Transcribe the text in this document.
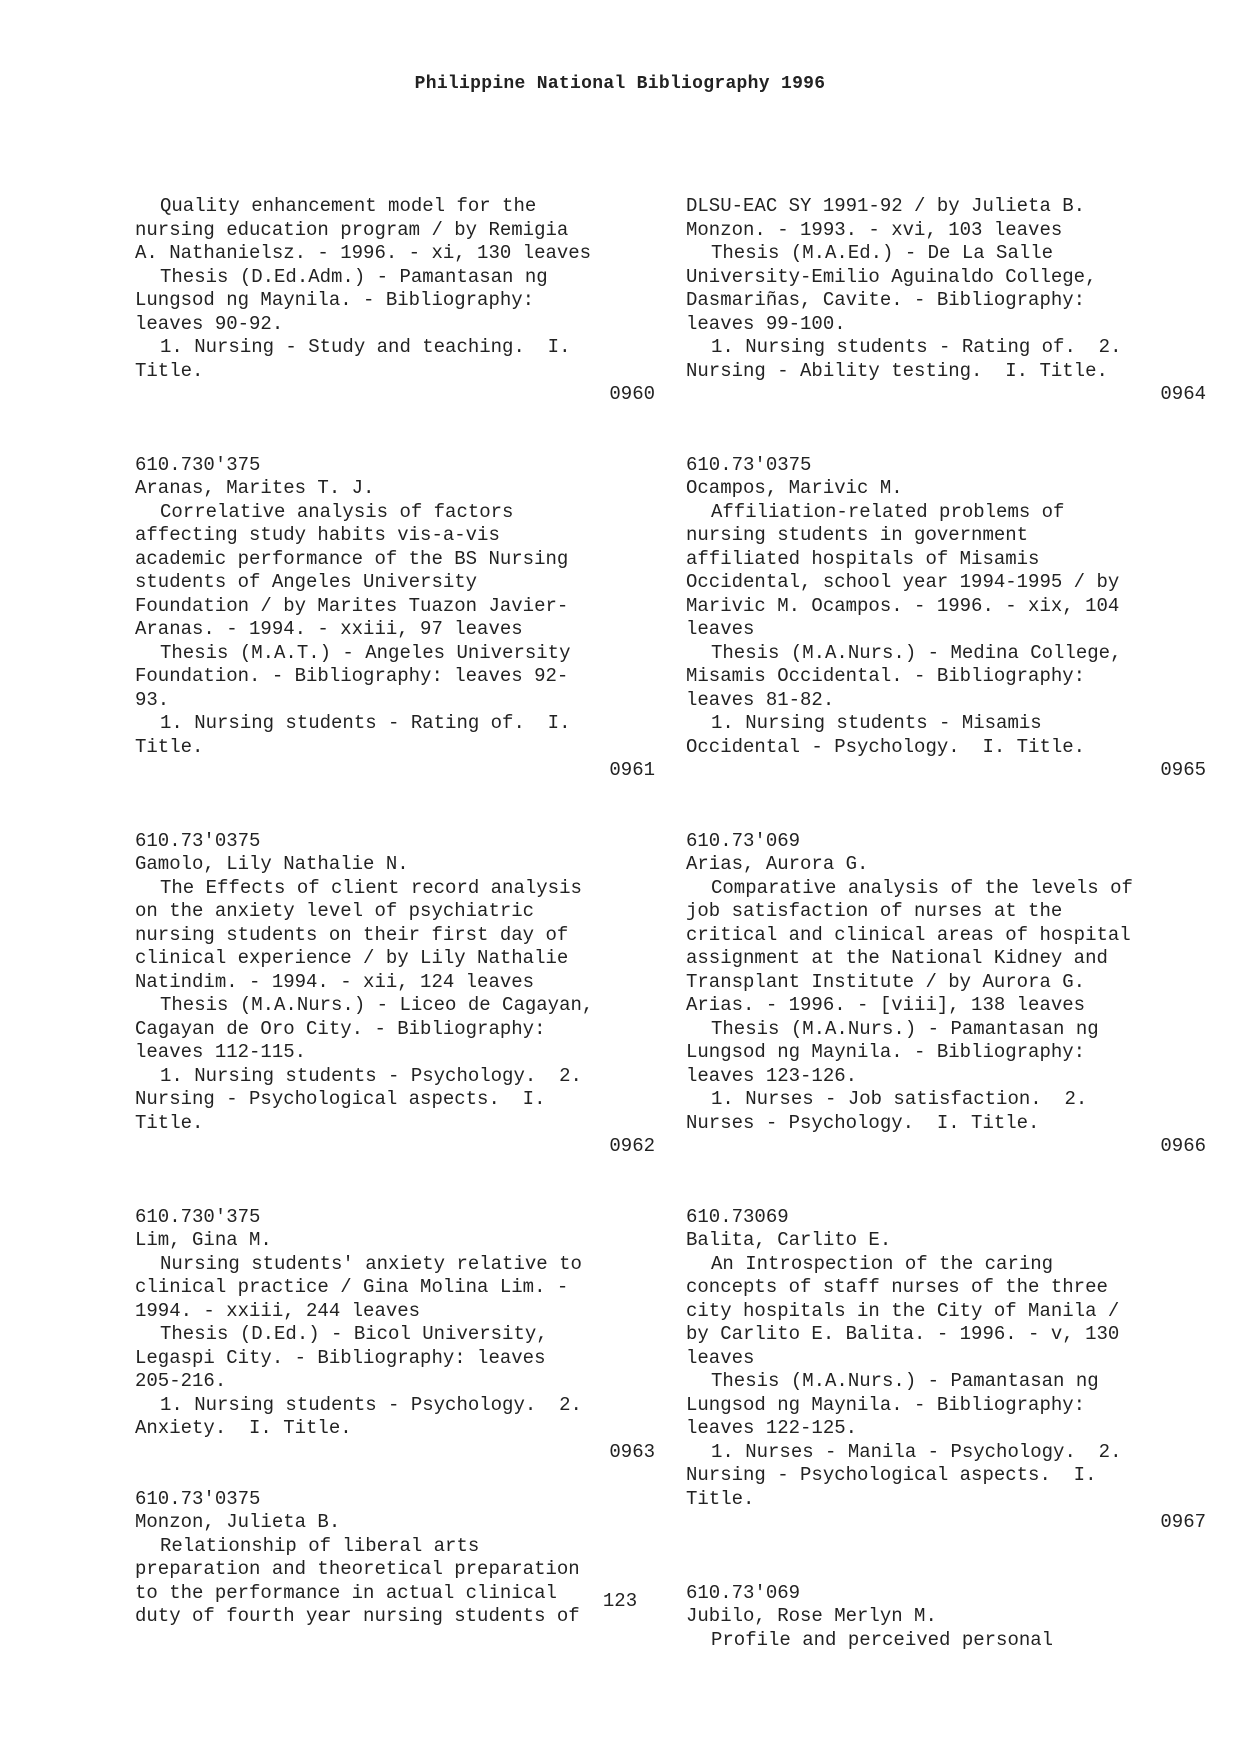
Philippine National Bibliography 1996

Quality enhancement model for the

nursing education program / by Remigia

A. Nathanielsz. - 1996. - xi, 130 leaves

Thesis (D.Ed.Adm.) - Pamantasan ng

Lungsod ng Maynila. - Bibliography:

leaves 90-92.

1. Nursing - Study and teaching.  I.

Title.

0960

610.730'375

Aranas, Marites T. J.

Correlative analysis of factors

affecting study habits vis-a-vis

academic performance of the BS Nursing

students of Angeles University

Foundation / by Marites Tuazon Javier-

Aranas. - 1994. - xxiii, 97 leaves

Thesis (M.A.T.) - Angeles University

Foundation. - Bibliography: leaves 92-

93.

1. Nursing students - Rating of.  I.

Title.

0961

610.73'0375

Gamolo, Lily Nathalie N.

The Effects of client record analysis

on the anxiety level of psychiatric

nursing students on their first day of

clinical experience / by Lily Nathalie

Natindim. - 1994. - xii, 124 leaves

Thesis (M.A.Nurs.) - Liceo de Cagayan,

Cagayan de Oro City. - Bibliography:

leaves 112-115.

1. Nursing students - Psychology.  2.

Nursing - Psychological aspects.  I.

Title.

0962

610.730'375

Lim, Gina M.

Nursing students' anxiety relative to

clinical practice / Gina Molina Lim. -

1994. - xxiii, 244 leaves

Thesis (D.Ed.) - Bicol University,

Legaspi City. - Bibliography: leaves

205-216.

1. Nursing students - Psychology.  2.

Anxiety.  I. Title.

0963

610.73'0375

Monzon, Julieta B.

Relationship of liberal arts

preparation and theoretical preparation

to the performance in actual clinical

duty of fourth year nursing students of

DLSU-EAC SY 1991-92 / by Julieta B.

Monzon. - 1993. - xvi, 103 leaves

Thesis (M.A.Ed.) - De La Salle

University-Emilio Aguinaldo College,

Dasmariñas, Cavite. - Bibliography:

leaves 99-100.

1. Nursing students - Rating of.  2.

Nursing - Ability testing.  I. Title.

0964

610.73'0375

Ocampos, Marivic M.

Affiliation-related problems of

nursing students in government

affiliated hospitals of Misamis

Occidental, school year 1994-1995 / by

Marivic M. Ocampos. - 1996. - xix, 104

leaves

Thesis (M.A.Nurs.) - Medina College,

Misamis Occidental. - Bibliography:

leaves 81-82.

1. Nursing students - Misamis

Occidental - Psychology.  I. Title.

0965

610.73'069

Arias, Aurora G.

Comparative analysis of the levels of

job satisfaction of nurses at the

critical and clinical areas of hospital

assignment at the National Kidney and

Transplant Institute / by Aurora G.

Arias. - 1996. - [viii], 138 leaves

Thesis (M.A.Nurs.) - Pamantasan ng

Lungsod ng Maynila. - Bibliography:

leaves 123-126.

1. Nurses - Job satisfaction.  2.

Nurses - Psychology.  I. Title.

0966

610.73069

Balita, Carlito E.

An Introspection of the caring

concepts of staff nurses of the three

city hospitals in the City of Manila /

by Carlito E. Balita. - 1996. - v, 130

leaves

Thesis (M.A.Nurs.) - Pamantasan ng

Lungsod ng Maynila. - Bibliography:

leaves 122-125.

1. Nurses - Manila - Psychology.  2.

Nursing - Psychological aspects.  I.

Title.

0967

610.73'069

Jubilo, Rose Merlyn M.

Profile and perceived personal

123
